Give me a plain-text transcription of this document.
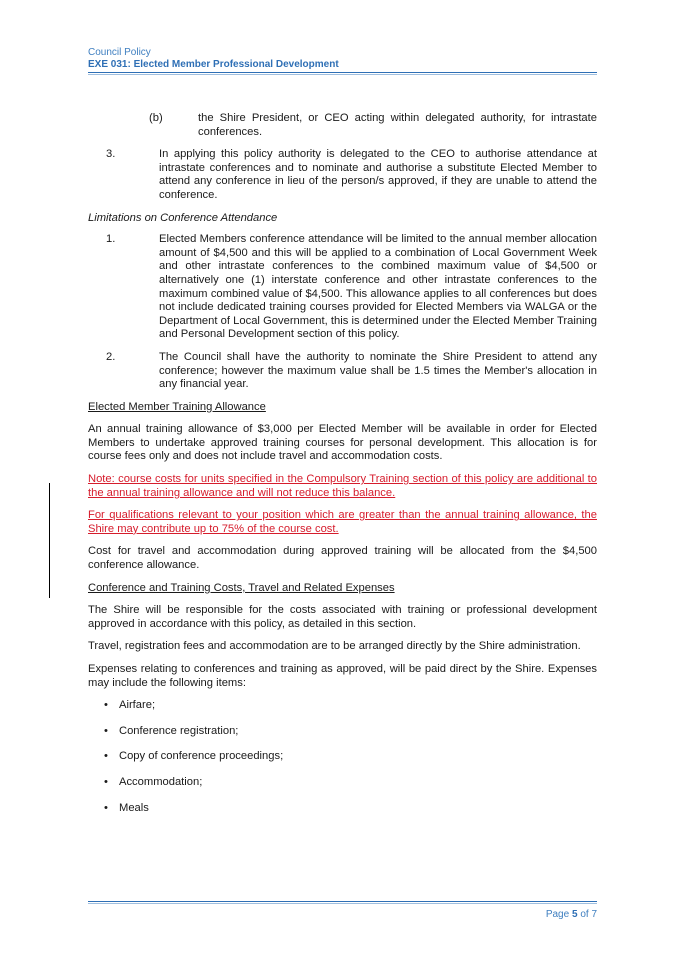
Council Policy
EXE 031: Elected Member Professional Development
(b)	the Shire President, or CEO acting within delegated authority, for intrastate conferences.
3.	In applying this policy authority is delegated to the CEO to authorise attendance at intrastate conferences and to nominate and authorise a substitute Elected Member to attend any conference in lieu of the person/s approved, if they are unable to attend the conference.

Limitations on Conference Attendance

1.	Elected Members conference attendance will be limited to the annual member allocation amount of $4,500 and this will be applied to a combination of Local Government Week and other intrastate conferences to the combined maximum value of $4,500 or alternatively one (1) interstate conference and other intrastate conferences to the maximum combined value of $4,500. This allowance applies to all conferences but does not include dedicated training courses provided for Elected Members via WALGA or the Department of Local Government, this is determined under the Elected Member Training and Personal Development section of this policy.
2.	The Council shall have the authority to nominate the Shire President to attend any conference; however the maximum value shall be 1.5 times the Member's allocation in any financial year.

Elected Member Training Allowance

An annual training allowance of $3,000 per Elected Member will be available in order for Elected Members to undertake approved training courses for personal development. This allocation is for course fees only and does not include travel and accommodation costs.

Note: course costs for units specified in the Compulsory Training section of this policy are additional to the annual training allowance and will not reduce this balance.

For qualifications relevant to your position which are greater than the annual training allowance, the Shire may contribute up to 75% of the course cost.

Cost for travel and accommodation during approved training will be allocated from the $4,500 conference allowance.

Conference and Training Costs, Travel and Related Expenses

The Shire will be responsible for the costs associated with training or professional development approved in accordance with this policy, as detailed in this section.

Travel, registration fees and accommodation are to be arranged directly by the Shire administration.

Expenses relating to conferences and training as approved, will be paid direct by the Shire. Expenses may include the following items:

• Airfare;
• Conference registration;
• Copy of conference proceedings;
• Accommodation;
• Meals
Page 5 of 7
